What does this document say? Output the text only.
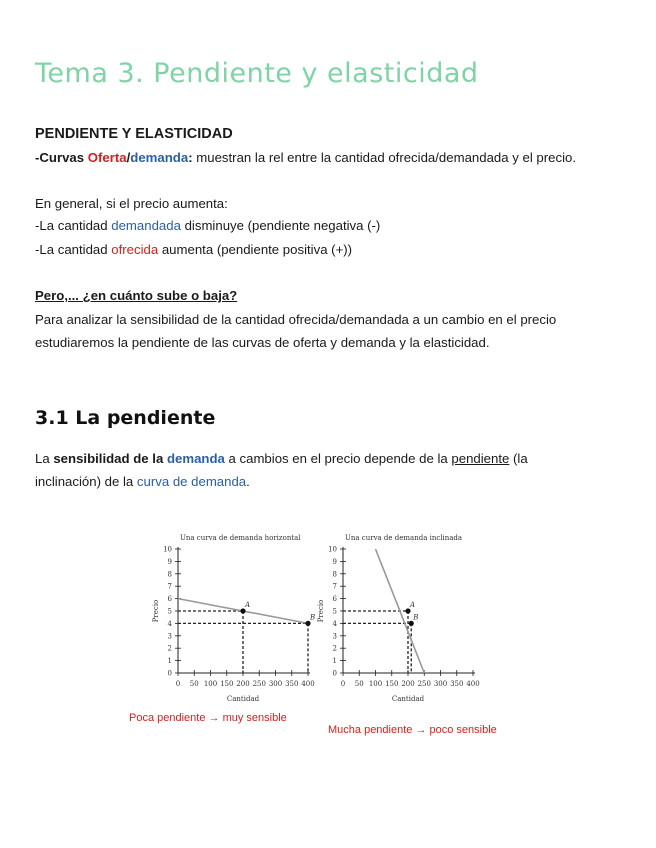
Tema 3. Pendiente y elasticidad
PENDIENTE Y ELASTICIDAD
-Curvas Oferta/demanda: muestran la rel entre la cantidad ofrecida/demandada y el precio.
En general, si el precio aumenta:
-La cantidad demandada disminuye (pendiente negativa (-)
-La cantidad ofrecida aumenta (pendiente positiva (+))
Pero,... ¿en cuánto sube o baja?
Para analizar la sensibilidad de la cantidad ofrecida/demandada a un cambio en el precio
estudiaremos la pendiente de las curvas de oferta y demanda y la elasticidad.
3.1 La pendiente
La sensibilidad de la demanda a cambios en el precio depende de la pendiente (la
inclinación) de la curva de demanda.
Una curva de demanda horizontal
0
1
2
3
4
5
6
7
8
9
10
0 50 100 150 200 250 300 350 400
Cantidad
Precio	A
B
Una curva de demanda inclinada
0
1
2
3
4
5
6
7
8
9
10
0 50 100 150 200 250 300 350 400
Cantidad
Precio	A
B
Poca pendiente → muy sensible
Mucha pendiente → poco sensible
